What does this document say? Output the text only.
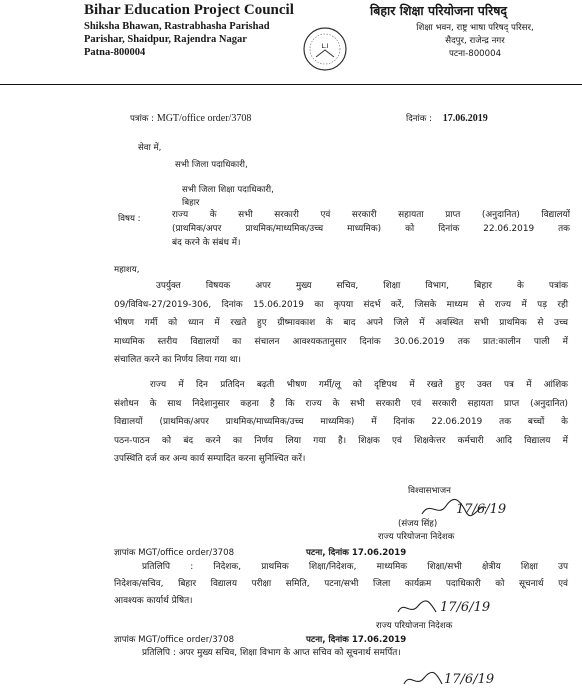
Bihar Education Project Council
Shiksha Bhawan, Rastrabhasha Parishad
Parishar, Shaidpur, Rajendra Nagar
Patna-800004
L.I
बिहार शिक्षा परियोजना परिषद्
शिक्षा भवन, राष्ट्र भाषा परिषद् परिसर,
सैदपुर, राजेन्द्र नगर
पटना-800004
पत्रांक : MGT/office order/3708	दिनांक : 17.06.2019
सेवा में,
सभी जिला पदाधिकारी,
सभी जिला शिक्षा पदाधिकारी,
बिहार
विषय :	राज्य के सभी सरकारी एवं सरकारी सहायता प्राप्त (अनुदानित) विद्यालयों
(प्राथमिक/अपर प्राथमिक/माध्यमिक/उच्च माध्यमिक) को दिनांक 22.06.2019 तक
बंद करने के संबंध में।
महाशय,
उपर्युक्त विषयक अपर मुख्य सचिव, शिक्षा विभाग, बिहार के पत्रांक
09/विविध-27/2019-306, दिनांक 15.06.2019 का कृपया संदर्भ करें, जिसके माध्यम से राज्य में पड़ रही
भीषण गर्मी को ध्यान में रखते हुए ग्रीष्मावकाश के बाद अपने जिले में अवस्थित सभी प्राथमिक से उच्च
माध्यमिक स्तरीय विद्यालयों का संचालन आवश्यकतानुसार दिनांक 30.06.2019 तक प्रात:कालीन पाली में
संचालित करने का निर्णय लिया गया था।
राज्य में दिन प्रतिदिन बढ़ती भीषण गर्मी/लू को दृष्टिपथ में रखते हुए उक्त पत्र में आंशिक
संशोधन के साथ निदेशानुसार कहना है कि राज्य के सभी सरकारी एवं सरकारी सहायता प्राप्त (अनुदानित)
विद्यालयों (प्राथमिक/अपर प्राथमिक/माध्यमिक/उच्च माध्यमिक) में दिनांक 22.06.2019 तक बच्चों के
पठन-पाठन को बंद करने का निर्णय लिया गया है। शिक्षक एवं शिक्षकेत्तर कर्मचारी आदि विद्यालय में
उपस्थिति दर्ज कर अन्य कार्य सम्पादित करना सुनिश्चित करें।
विश्वासभाजन
17/6/19
(संजय सिंह)
राज्य परियोजना निदेशक
ज्ञापांक MGT/office order/3708	पटना, दिनांक 17.06.2019
प्रतिलिपि : निदेशक, प्राथमिक शिक्षा/निदेशक, माध्यमिक शिक्षा/सभी क्षेत्रीय शिक्षा उप
निदेशक/सचिव, बिहार विद्यालय परीक्षा समिति, पटना/सभी जिला कार्यक्रम पदाधिकारी को सूचनार्थ एवं
आवश्यक कार्यार्थ प्रेषित।	17/6/19
राज्य परियोजना निदेशक
ज्ञापांक MGT/office order/3708	पटना, दिनांक 17.06.2019
प्रतिलिपि : अपर मुख्य सचिव, शिक्षा विभाग के आप्त सचिव को सूचनार्थ समर्पित।
17/6/19
